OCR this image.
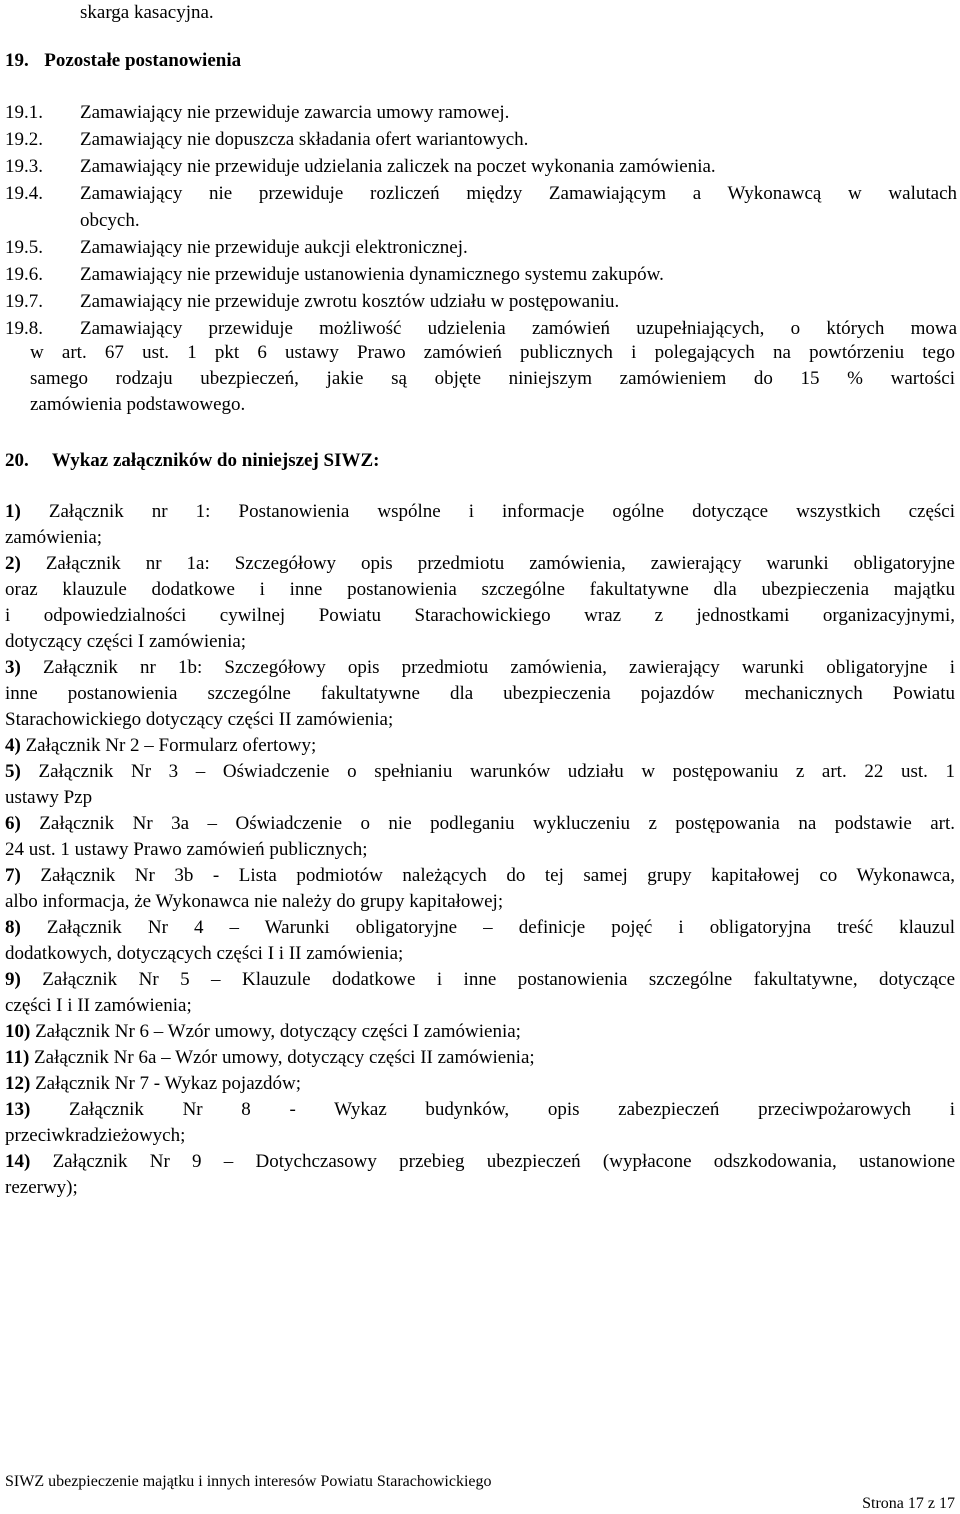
skarga kasacyjna.
19. Pozostałe postanowienia
19.1. Zamawiający nie przewiduje zawarcia umowy ramowej.
19.2. Zamawiający nie dopuszcza składania ofert wariantowych.
19.3. Zamawiający nie przewiduje udzielania zaliczek na poczet wykonania zamówienia.
19.4. Zamawiający nie przewiduje rozliczeń między Zamawiającym a Wykonawcą w walutach
obcych.
19.5. Zamawiający nie przewiduje aukcji elektronicznej.
19.6. Zamawiający nie przewiduje ustanowienia dynamicznego systemu zakupów.
19.7. Zamawiający nie przewiduje zwrotu kosztów udziału w postępowaniu.
19.8. Zamawiający przewiduje możliwość udzielenia zamówień uzupełniających, o których mowa
w art. 67 ust. 1 pkt 6 ustawy Prawo zamówień publicznych i polegających na powtórzeniu tego
samego rodzaju ubezpieczeń, jakie są objęte niniejszym zamówieniem do 15 % wartości
zamówienia podstawowego.
20. Wykaz załączników do niniejszej SIWZ:
1) Załącznik nr 1: Postanowienia wspólne i informacje ogólne dotyczące wszystkich części
zamówienia;
2) Załącznik nr 1a: Szczegółowy opis przedmiotu zamówienia, zawierający warunki obligatoryjne
oraz klauzule dodatkowe i inne postanowienia szczególne fakultatywne dla ubezpieczenia majątku
i odpowiedzialności cywilnej Powiatu Starachowickiego wraz z jednostkami organizacyjnymi,
dotyczący części I zamówienia;
3) Załącznik nr 1b: Szczegółowy opis przedmiotu zamówienia, zawierający warunki obligatoryjne i
inne postanowienia szczególne fakultatywne dla ubezpieczenia pojazdów mechanicznych Powiatu
Starachowickiego dotyczący części II zamówienia;
4) Załącznik Nr 2 – Formularz ofertowy;
5) Załącznik Nr 3 – Oświadczenie o spełnianiu warunków udziału w postępowaniu z art. 22 ust. 1
ustawy Pzp
6) Załącznik Nr 3a – Oświadczenie o nie podleganiu wykluczeniu z postępowania na podstawie art.
24 ust. 1 ustawy Prawo zamówień publicznych;
7) Załącznik Nr 3b - Lista podmiotów należących do tej samej grupy kapitałowej co Wykonawca,
albo informacja, że Wykonawca nie należy do grupy kapitałowej;
8) Załącznik Nr 4 – Warunki obligatoryjne – definicje pojęć i obligatoryjna treść klauzul
dodatkowych, dotyczących części I i II zamówienia;
9) Załącznik Nr 5 – Klauzule dodatkowe i inne postanowienia szczególne fakultatywne, dotyczące
części I i II zamówienia;
10) Załącznik Nr 6 – Wzór umowy, dotyczący części I zamówienia;
11) Załącznik Nr 6a – Wzór umowy, dotyczący części II zamówienia;
12) Załącznik Nr 7 - Wykaz pojazdów;
13) Załącznik Nr 8 - Wykaz budynków, opis zabezpieczeń przeciwpożarowych i
przeciwkradzieżowych;
14) Załącznik Nr 9 – Dotychczasowy przebieg ubezpieczeń (wypłacone odszkodowania, ustanowione
rezerwy);
SIWZ ubezpieczenie majątku i innych interesów Powiatu Starachowickiego
Strona 17 z 17
